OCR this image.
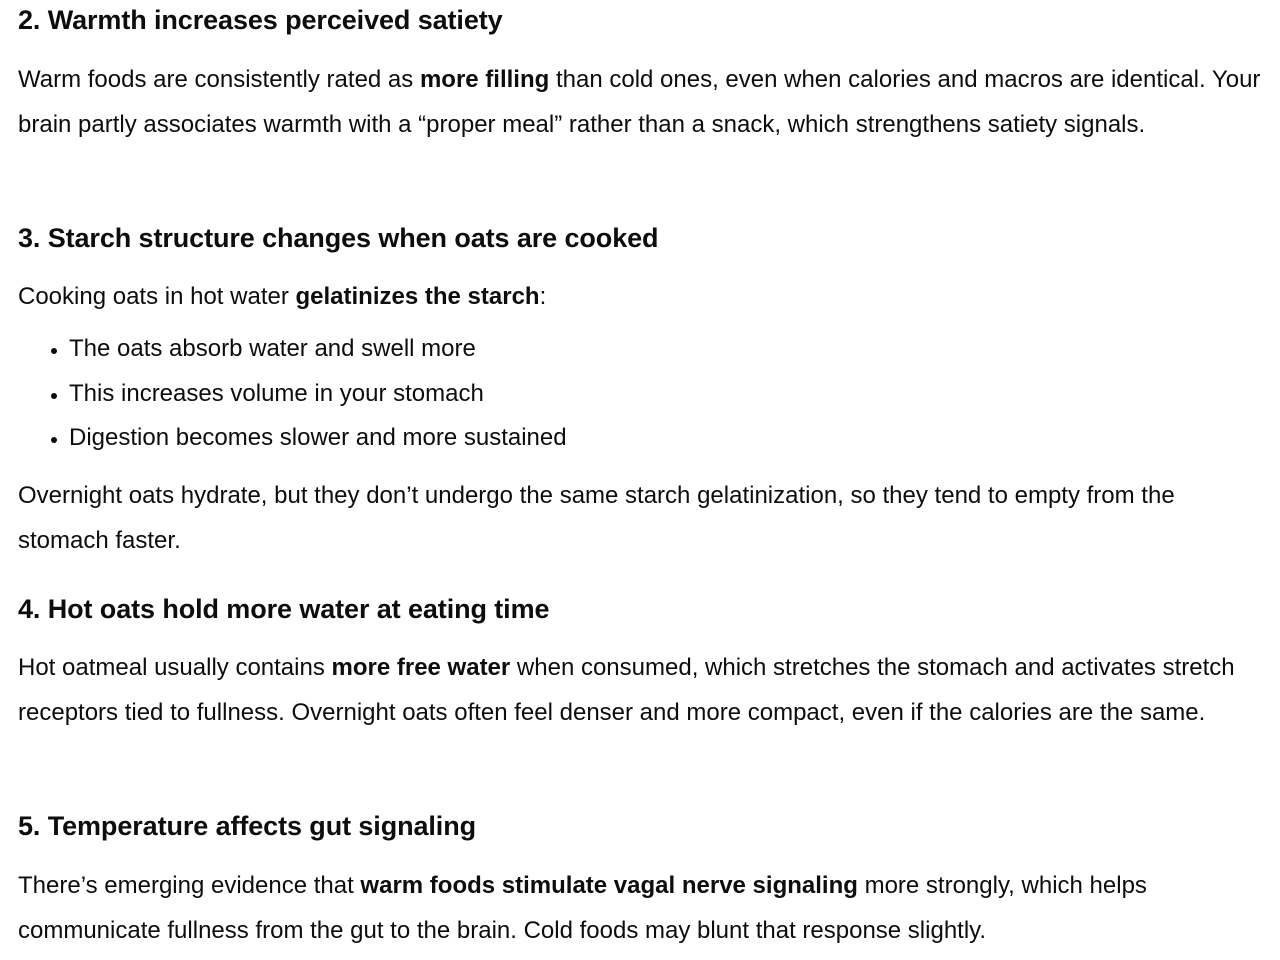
2. Warmth increases perceived satiety

Warm foods are consistently rated as more filling than cold ones, even when calories and macros are identical. Your brain partly associates warmth with a “proper meal” rather than a snack, which strengthens satiety signals.

3. Starch structure changes when oats are cooked

Cooking oats in hot water gelatinizes the starch:

• The oats absorb water and swell more
• This increases volume in your stomach
• Digestion becomes slower and more sustained

Overnight oats hydrate, but they don’t undergo the same starch gelatinization, so they tend to empty from the stomach faster.

4. Hot oats hold more water at eating time

Hot oatmeal usually contains more free water when consumed, which stretches the stomach and activates stretch receptors tied to fullness. Overnight oats often feel denser and more compact, even if the calories are the same.

5. Temperature affects gut signaling

There’s emerging evidence that warm foods stimulate vagal nerve signaling more strongly, which helps communicate fullness from the gut to the brain. Cold foods may blunt that response slightly.
